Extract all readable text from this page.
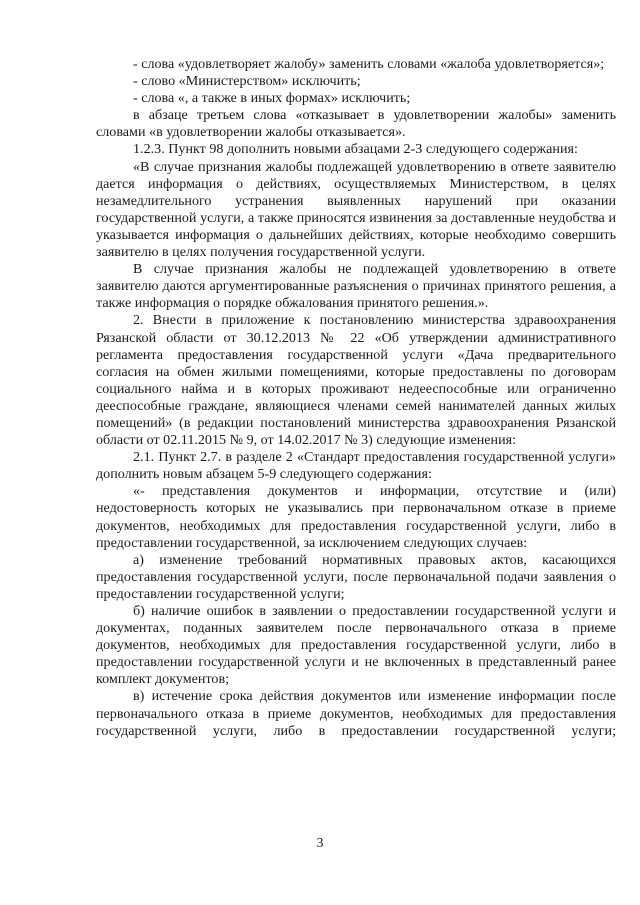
- слова «удовлетворяет жалобу» заменить словами «жалоба удовлетворяется»;

- слово «Министерством» исключить;

- слова «, а также в иных формах» исключить;

в абзаце третьем слова «отказывает в удовлетворении жалобы» заменить словами «в удовлетворении жалобы отказывается».

1.2.3. Пункт 98 дополнить новыми абзацами 2-3 следующего содержания:

«В случае признания жалобы подлежащей удовлетворению в ответе заявителю дается информация о действиях, осуществляемых Министерством, в целях незамедлительного устранения выявленных нарушений при оказании государственной услуги, а также приносятся извинения за доставленные неудобства и указывается информация о дальнейших действиях, которые необходимо совершить заявителю в целях получения государственной услуги.

В случае признания жалобы не подлежащей удовлетворению в ответе заявителю даются аргументированные разъяснения о причинах принятого решения, а также информация о порядке обжалования принятого решения.».

2. Внести в приложение к постановлению министерства здравоохранения Рязанской области от 30.12.2013 № 22 «Об утверждении административного регламента предоставления государственной услуги «Дача предварительного согласия на обмен жилыми помещениями, которые предоставлены по договорам социального найма и в которых проживают недееспособные или ограниченно дееспособные граждане, являющиеся членами семей нанимателей данных жилых помещений» (в редакции постановлений министерства здравоохранения Рязанской области от 02.11.2015 № 9, от 14.02.2017 № 3) следующие изменения:

2.1. Пункт 2.7. в разделе 2 «Стандарт предоставления государственной услуги» дополнить новым абзацем 5-9 следующего содержания:

«- представления документов и информации, отсутствие и (или) недостоверность которых не указывались при первоначальном отказе в приеме документов, необходимых для предоставления государственной услуги, либо в предоставлении государственной, за исключением следующих случаев:

а) изменение требований нормативных правовых актов, касающихся предоставления государственной услуги, после первоначальной подачи заявления о предоставлении государственной услуги;

б) наличие ошибок в заявлении о предоставлении государственной услуги и документах, поданных заявителем после первоначального отказа в приеме документов, необходимых для предоставления государственной услуги, либо в предоставлении государственной услуги и не включенных в представленный ранее комплект документов;

в) истечение срока действия документов или изменение информации после первоначального отказа в приеме документов, необходимых для предоставления государственной услуги, либо в предоставлении государственной услуги;

3
